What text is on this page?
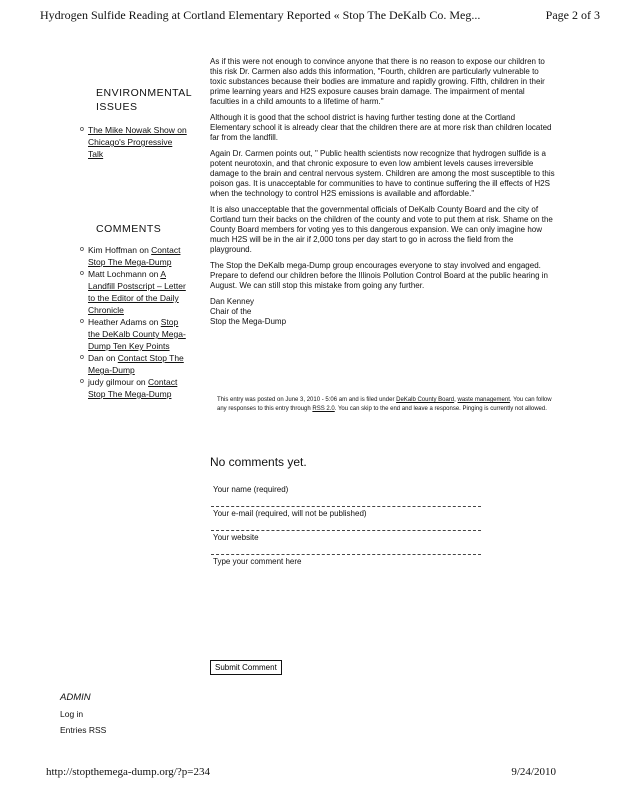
Hydrogen Sulfide Reading at Cortland Elementary Reported « Stop The DeKalb Co. Meg...	Page 2 of 3
ENVIRONMENTAL ISSUES
o The Mike Nowak Show on Chicago's Progressive Talk
COMMENTS
o Kim Hoffman on Contact Stop The Mega-Dump
o Matt Lochmann on A Landfill Postscript – Letter to the Editor of the Daily Chronicle
o Heather Adams on Stop the DeKalb County Mega-Dump Ten Key Points
o Dan on Contact Stop The Mega-Dump
o judy gilmour on Contact Stop The Mega-Dump

As if this were not enough to convince anyone that there is no reason to expose our children to this risk Dr. Carmen also adds this information, "Fourth, children are particularly vulnerable to toxic substances because their bodies are immature and rapidly growing. Fifth, children in their prime learning years and H2S exposure causes brain damage. The impairment of mental faculties in a child amounts to a lifetime of harm."

Although it is good that the school district is having further testing done at the Cortland Elementary school it is already clear that the children there are at more risk than children located far from the landfill.

Again Dr. Carmen points out, " Public health scientists now recognize that hydrogen sulfide is a potent neurotoxin, and that chronic exposure to even low ambient levels causes irreversible damage to the brain and central nervous system. Children are among the most susceptible to this poison gas. It is unacceptable for communities to have to continue suffering the ill effects of H2S when the technology to control H2S emissions is available and affordable."

It is also unacceptable that the governmental officials of DeKalb County Board and the city of Cortland turn their backs on the children of the county and vote to put them at risk. Shame on the County Board members for voting yes to this dangerous expansion. We can only imagine how much H2S will be in the air if 2,000 tons per day start to go in across the field from the playground.

The Stop the DeKalb mega-Dump group encourages everyone to stay involved and engaged. Prepare to defend our children before the Illinois Pollution Control Board at the public hearing in August. We can still stop this mistake from going any further.

Dan Kenney
Chair of the
Stop the Mega-Dump
This entry was posted on June 3, 2010 - 5:06 am and is filed under DeKalb County Board, waste management. You can follow any responses to this entry through RSS 2.0. You can skip to the end and leave a response. Pinging is currently not allowed.
No comments yet.
Your name (required)
Your e-mail (required, will not be published)
Your website
Type your comment here
Submit Comment
ADMIN
Log in
Entries RSS
http://stopthemega-dump.org/?p=234	9/24/2010
